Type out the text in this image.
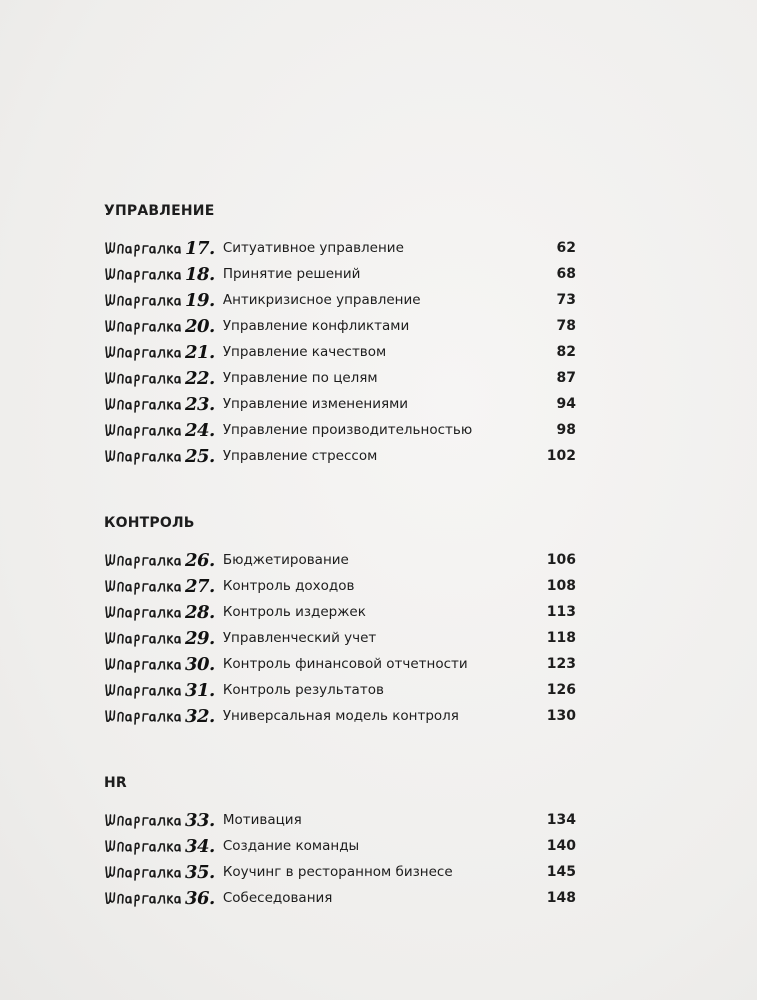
УПРАВЛЕНИЕ
17. Ситуативное управление	62
18. Принятие решений	68
19. Антикризисное управление	73
20. Управление конфликтами	78
21. Управление качеством	82
22. Управление по целям	87
23. Управление изменениями	94
24. Управление производительностью	98
25. Управление стрессом	102
КОНТРОЛЬ
26. Бюджетирование	106
27. Контроль доходов	108
28. Контроль издержек	113
29. Управленческий учет	118
30. Контроль финансовой отчетности	123
31. Контроль результатов	126
32. Универсальная модель контроля	130
HR
33. Мотивация	134
34. Создание команды	140
35. Коучинг в ресторанном бизнесе	145
36. Собеседования	148
